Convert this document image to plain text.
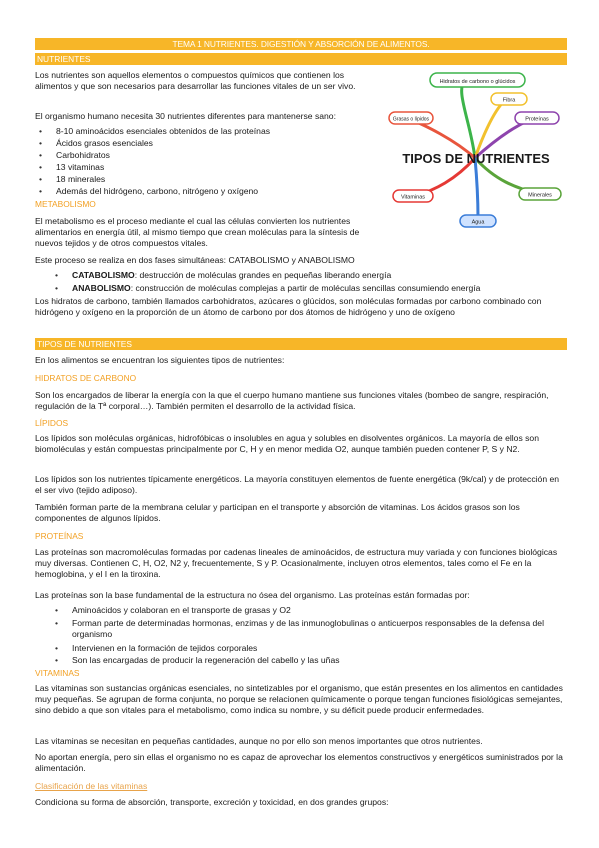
TEMA 1 NUTRIENTES. DIGESTIÓN Y ABSORCIÓN DE ALIMENTOS.
NUTRIENTES
Los nutrientes son aquellos elementos o compuestos químicos que contienen los alimentos y que son necesarios para desarrollar las funciones vitales de un ser vivo.
El organismo humano necesita 30 nutrientes diferentes para mantenerse sano:
• 8-10 aminoácidos esenciales obtenidos de las proteínas
• Ácidos grasos esenciales
• Carbohidratos
• 13 vitaminas
• 18 minerales
• Además del hidrógeno, carbono, nitrógeno y oxígeno
Hidratos de carbono o glúcidos
Fibra
Grasas o lípidos	Proteínas
TIPOS DE NUTRIENTES
Vitaminas	Minerales
Agua
METABOLISMO
El metabolismo es el proceso mediante el cual las células convierten los nutrientes alimentarios en energía útil, al mismo tiempo que crean moléculas para la síntesis de nuevos tejidos y de otros compuestos vitales.
Este proceso se realiza en dos fases simultáneas: CATABOLISMO y ANABOLISMO
• CATABOLISMO: destrucción de moléculas grandes en pequeñas liberando energía
• ANABOLISMO: construcción de moléculas complejas a partir de moléculas sencillas consumiendo energía
Los hidratos de carbono, también llamados carbohidratos, azúcares o glúcidos, son moléculas formadas por carbono combinado con hidrógeno y oxígeno en la proporción de un átomo de carbono por dos átomos de hidrógeno y uno de oxígeno
TIPOS DE NUTRIENTES
En los alimentos se encuentran los siguientes tipos de nutrientes:
HIDRATOS DE CARBONO
Son los encargados de liberar la energía con la que el cuerpo humano mantiene sus funciones vitales (bombeo de sangre, respiración, regulación de la Tª corporal…). También permiten el desarrollo de la actividad física.
LÍPIDOS
Los lípidos son moléculas orgánicas, hidrofóbicas o insolubles en agua y solubles en disolventes orgánicos. La mayoría de ellos son biomoléculas y están compuestas principalmente por C, H y en menor medida O2, aunque también pueden contener P, S y N2.
Los lípidos son los nutrientes típicamente energéticos. La mayoría constituyen elementos de fuente energética (9k/cal) y de protección en el ser vivo (tejido adiposo).
También forman parte de la membrana celular y participan en el transporte y absorción de vitaminas. Los ácidos grasos son los componentes de algunos lípidos.
PROTEÍNAS
Las proteínas son macromoléculas formadas por cadenas lineales de aminoácidos, de estructura muy variada y con funciones biológicas muy diversas. Contienen C, H, O2, N2 y, frecuentemente, S y P. Ocasionalmente, incluyen otros elementos, tales como el Fe en la hemoglobina, y el I en la tiroxina.
Las proteínas son la base fundamental de la estructura no ósea del organismo. Las proteínas están formadas por:
• Aminoácidos y colaboran en el transporte de grasas y O2
• Forman parte de determinadas hormonas, enzimas y de las inmunoglobulinas o anticuerpos responsables de la defensa del organismo
• Intervienen en la formación de tejidos corporales
• Son las encargadas de producir la regeneración del cabello y las uñas
VITAMINAS
Las vitaminas son sustancias orgánicas esenciales, no sintetizables por el organismo, que están presentes en los alimentos en cantidades muy pequeñas. Se agrupan de forma conjunta, no porque se relacionen químicamente o porque tengan funciones fisiológicas semejantes, sino debido a que son vitales para el metabolismo, como indica su nombre, y su déficit puede producir enfermedades.
Las vitaminas se necesitan en pequeñas cantidades, aunque no por ello son menos importantes que otros nutrientes.
No aportan energía, pero sin ellas el organismo no es capaz de aprovechar los elementos constructivos y energéticos suministrados por la alimentación.
Clasificación de las vitaminas
Condiciona su forma de absorción, transporte, excreción y toxicidad, en dos grandes grupos:
